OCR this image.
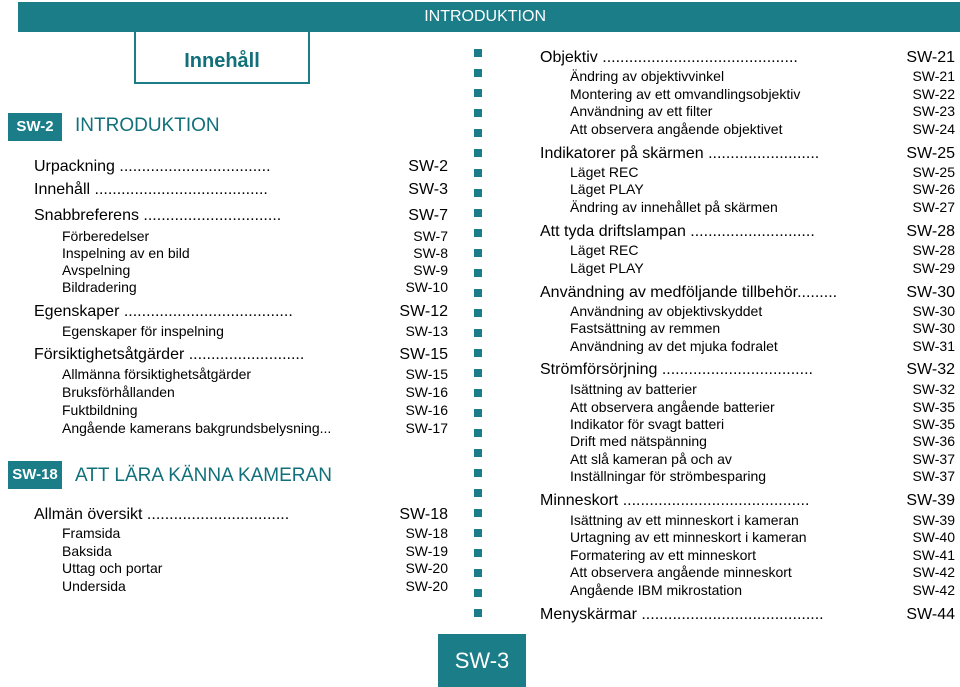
INTRODUKTION
Innehåll
SW-2	INTRODUKTION
Urpackning ..................................	SW-2
Innehåll .......................................	SW-3
Snabbreferens ...............................	SW-7
Förberedelser	SW-7
Inspelning av en bild	SW-8
Avspelning	SW-9
Bildradering	SW-10
Egenskaper ......................................	SW-12
Egenskaper för inspelning	SW-13
Försiktighetsåtgärder ..........................	SW-15
Allmänna försiktighetsåtgärder	SW-15
Bruksförhållanden	SW-16
Fuktbildning	SW-16
Angående kamerans bakgrundsbelysning...	SW-17
SW-18 ATT LÄRA KÄNNA KAMERAN
Allmän översikt ................................	SW-18
Framsida	SW-18
Baksida	SW-19
Uttag och portar	SW-20
Undersida	SW-20
Objektiv ............................................	SW-21
Ändring av objektivvinkel	SW-21
Montering av ett omvandlingsobjektiv	SW-22
Användning av ett filter	SW-23
Att observera angående objektivet	SW-24
Indikatorer på skärmen .........................	SW-25
Läget REC	SW-25
Läget PLAY	SW-26
Ändring av innehållet på skärmen	SW-27
Att tyda driftslampan ............................	SW-28
Läget REC	SW-28
Läget PLAY	SW-29
Användning av medföljande tillbehör.........	SW-30
Användning av objektivskyddet	SW-30
Fastsättning av remmen	SW-30
Användning av det mjuka fodralet	SW-31
Strömförsörjning ..................................	SW-32
Isättning av batterier	SW-32
Att observera angående batterier	SW-35
Indikator för svagt batteri	SW-35
Drift med nätspänning	SW-36
Att slå kameran på och av	SW-37
Inställningar för strömbesparing	SW-37
Minneskort ..........................................	SW-39
Isättning av ett minneskort i kameran	SW-39
Urtagning av ett minneskort i kameran	SW-40
Formatering av ett minneskort	SW-41
Att observera angående minneskort	SW-42
Angående IBM mikrostation	SW-42
Menyskärmar .........................................	SW-44
SW-3
